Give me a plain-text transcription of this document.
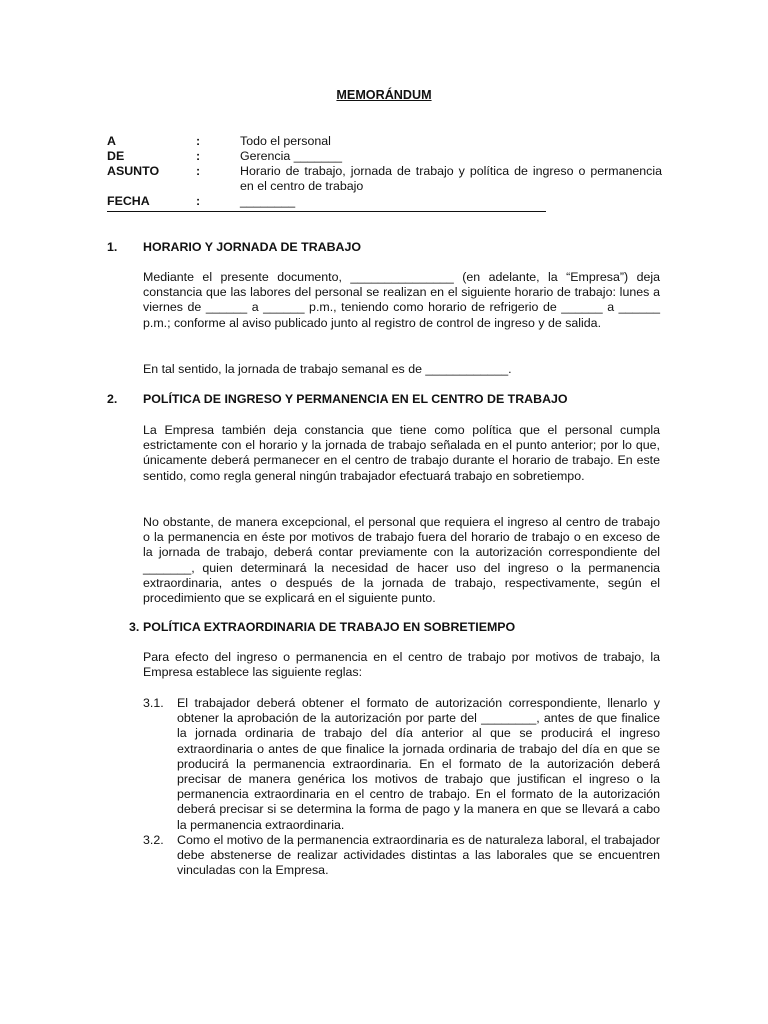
MEMORÁNDUM
A	:	Todo el personal
DE	:	Gerencia _______
ASUNTO	:	Horario de trabajo, jornada de trabajo y política de ingreso o permanencia en el centro de trabajo
FECHA	:	________
1. HORARIO Y JORNADA DE TRABAJO

Mediante el presente documento, _______________ (en adelante, la “Empresa”) deja constancia que las labores del personal se realizan en el siguiente horario de trabajo: lunes a viernes de ______ a ______ p.m., teniendo como horario de refrigerio de ______ a ______ p.m.; conforme al aviso publicado junto al registro de control de ingreso y de salida.

En tal sentido, la jornada de trabajo semanal es de ____________.

2. POLÍTICA DE INGRESO Y PERMANENCIA EN EL CENTRO DE TRABAJO

La Empresa también deja constancia que tiene como política que el personal cumpla estrictamente con el horario y la jornada de trabajo señalada en el punto anterior; por lo que, únicamente deberá permanecer en el centro de trabajo durante el horario de trabajo. En este sentido, como regla general ningún trabajador efectuará trabajo en sobretiempo.

No obstante, de manera excepcional, el personal que requiera el ingreso al centro de trabajo o la permanencia en éste por motivos de trabajo fuera del horario de trabajo o en exceso de la jornada de trabajo, deberá contar previamente con la autorización correspondiente del _______, quien determinará la necesidad de hacer uso del ingreso o la permanencia extraordinaria, antes o después de la jornada de trabajo, respectivamente, según el procedimiento que se explicará en el siguiente punto.

3. POLÍTICA EXTRAORDINARIA DE TRABAJO EN SOBRETIEMPO

Para efecto del ingreso o permanencia en el centro de trabajo por motivos de trabajo, la Empresa establece las siguiente reglas:

3.1. El trabajador deberá obtener el formato de autorización correspondiente, llenarlo y obtener la aprobación de la autorización por parte del ________, antes de que finalice la jornada ordinaria de trabajo del día anterior al que se producirá el ingreso extraordinaria o antes de que finalice la jornada ordinaria de trabajo del día en que se producirá la permanencia extraordinaria. En el formato de la autorización deberá precisar de manera genérica los motivos de trabajo que justifican el ingreso o la permanencia extraordinaria en el centro de trabajo. En el formato de la autorización deberá precisar si se determina la forma de pago y la manera en que se llevará a cabo la permanencia extraordinaria.

3.2. Como el motivo de la permanencia extraordinaria es de naturaleza laboral, el trabajador debe abstenerse de realizar actividades distintas a las laborales que se encuentren vinculadas con la Empresa.
